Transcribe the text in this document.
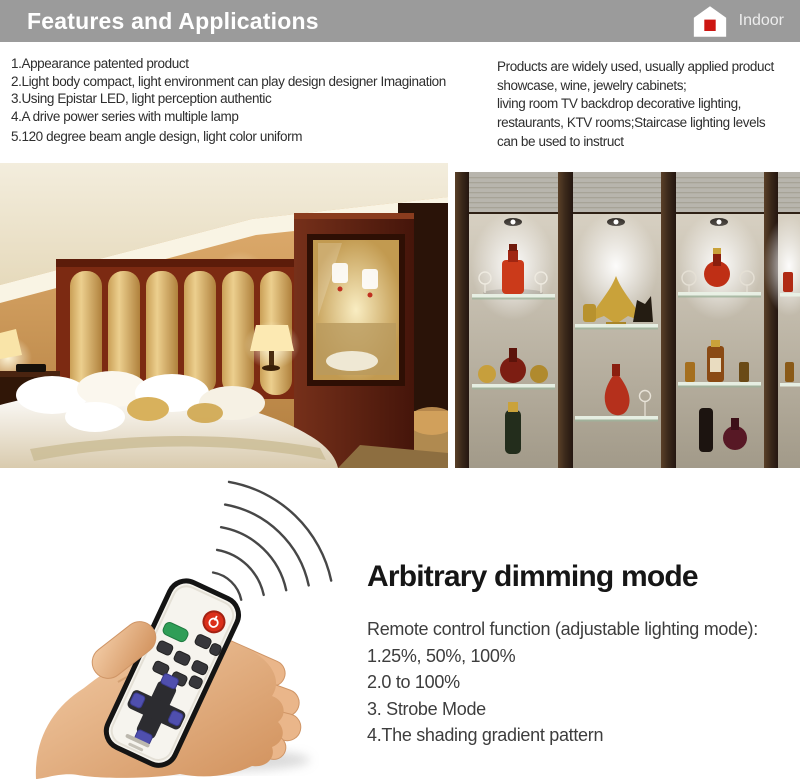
Features and Applications	Indoor
1.Appearance patented product
2.Light body compact, light environment can play design designer Imagination
3.Using Epistar LED, light perception authentic
4.A drive power series with multiple lamp
5.120 degree beam angle design, light color uniform
Products are widely used, usually applied product
showcase, wine, jewelry cabinets;
living room TV backdrop decorative lighting,
restaurants, KTV rooms;Staircase lighting levels
can be used to instruct
Arbitrary dimming mode
Remote control function (adjustable lighting mode):
1.25%, 50%, 100%
2.0 to 100%
3. Strobe Mode
4.The shading gradient pattern
